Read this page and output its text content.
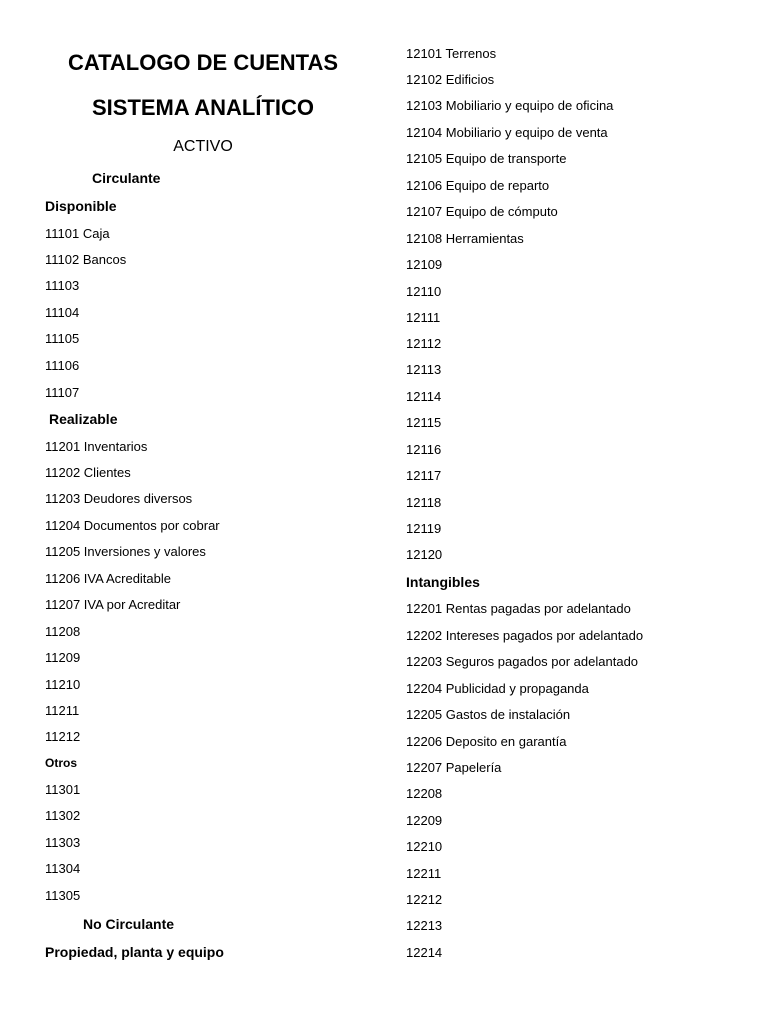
CATALOGO DE CUENTAS
SISTEMA ANALÍTICO
ACTIVO
Circulante
Disponible
11101 Caja
11102 Bancos
11103
11104
11105
11106
11107
Realizable
11201 Inventarios
11202 Clientes
11203 Deudores diversos
11204 Documentos por cobrar
11205 Inversiones y valores
11206 IVA Acreditable
11207 IVA por Acreditar
11208
11209
11210
11211
11212
Otros
11301
11302
11303
11304
11305
No Circulante
Propiedad, planta y equipo
12101 Terrenos
12102 Edificios
12103 Mobiliario y equipo de oficina
12104 Mobiliario y equipo de venta
12105 Equipo de transporte
12106 Equipo de reparto
12107 Equipo de cómputo
12108 Herramientas
12109
12110
12111
12112
12113
12114
12115
12116
12117
12118
12119
12120
Intangibles
12201 Rentas pagadas por adelantado
12202 Intereses pagados por adelantado
12203 Seguros pagados por adelantado
12204 Publicidad y propaganda
12205 Gastos de instalación
12206 Deposito en garantía
12207 Papelería
12208
12209
12210
12211
12212
12213
12214
